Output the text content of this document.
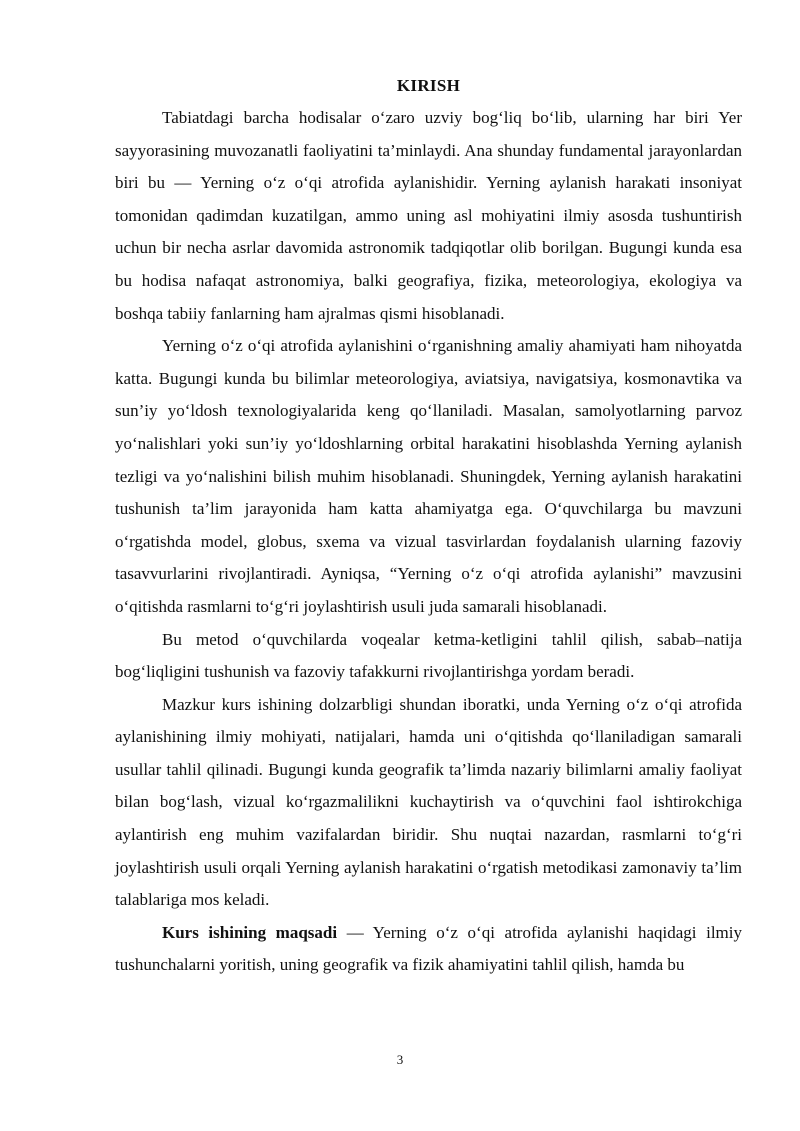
KIRISH

Tabiatdagi barcha hodisalar o‘zaro uzviy bog‘liq bo‘lib, ularning har biri Yer sayyorasining muvozanatli faoliyatini ta’minlaydi. Ana shunday fundamental jarayonlardan biri bu — Yerning o‘z o‘qi atrofida aylanishidir. Yerning aylanish harakati insoniyat tomonidan qadimdan kuzatilgan, ammo uning asl mohiyatini ilmiy asosda tushuntirish uchun bir necha asrlar davomida astronomik tadqiqotlar olib borilgan. Bugungi kunda esa bu hodisa nafaqat astronomiya, balki geografiya, fizika, meteorologiya, ekologiya va boshqa tabiiy fanlarning ham ajralmas qismi hisoblanadi.

Yerning o‘z o‘qi atrofida aylanishini o‘rganishning amaliy ahamiyati ham nihoyatda katta. Bugungi kunda bu bilimlar meteorologiya, aviatsiya, navigatsiya, kosmonavtika va sun’iy yo‘ldosh texnologiyalarida keng qo‘llaniladi. Masalan, samolyotlarning parvoz yo‘nalishlari yoki sun’iy yo‘ldoshlarning orbital harakatini hisoblashda Yerning aylanish tezligi va yo‘nalishini bilish muhim hisoblanadi. Shuningdek, Yerning aylanish harakatini tushunish ta’lim jarayonida ham katta ahamiyatga ega. O‘quvchilarga bu mavzuni o‘rgatishda model, globus, sxema va vizual tasvirlardan foydalanish ularning fazoviy tasavvurlarini rivojlantiradi. Ayniqsa, “Yerning o‘z o‘qi atrofida aylanishi” mavzusini o‘qitishda rasmlarni to‘g‘ri joylashtirish usuli juda samarali hisoblanadi.

Bu metod o‘quvchilarda voqealar ketma-ketligini tahlil qilish, sabab–natija bog‘liqligini tushunish va fazoviy tafakkurni rivojlantirishga yordam beradi.

Mazkur kurs ishining dolzarbligi shundan iboratki, unda Yerning o‘z o‘qi atrofida aylanishining ilmiy mohiyati, natijalari, hamda uni o‘qitishda qo‘llaniladigan samarali usullar tahlil qilinadi. Bugungi kunda geografik ta’limda nazariy bilimlarni amaliy faoliyat bilan bog‘lash, vizual ko‘rgazmalilikni kuchaytirish va o‘quvchini faol ishtirokchiga aylantirish eng muhim vazifalardan biridir. Shu nuqtai nazardan, rasmlarni to‘g‘ri joylashtirish usuli orqali Yerning aylanish harakatini o‘rgatish metodikasi zamonaviy ta’lim talablariga mos keladi.

Kurs ishining maqsadi — Yerning o‘z o‘qi atrofida aylanishi haqidagi ilmiy tushunchalarni yoritish, uning geografik va fizik ahamiyatini tahlil qilish, hamda bu

3
